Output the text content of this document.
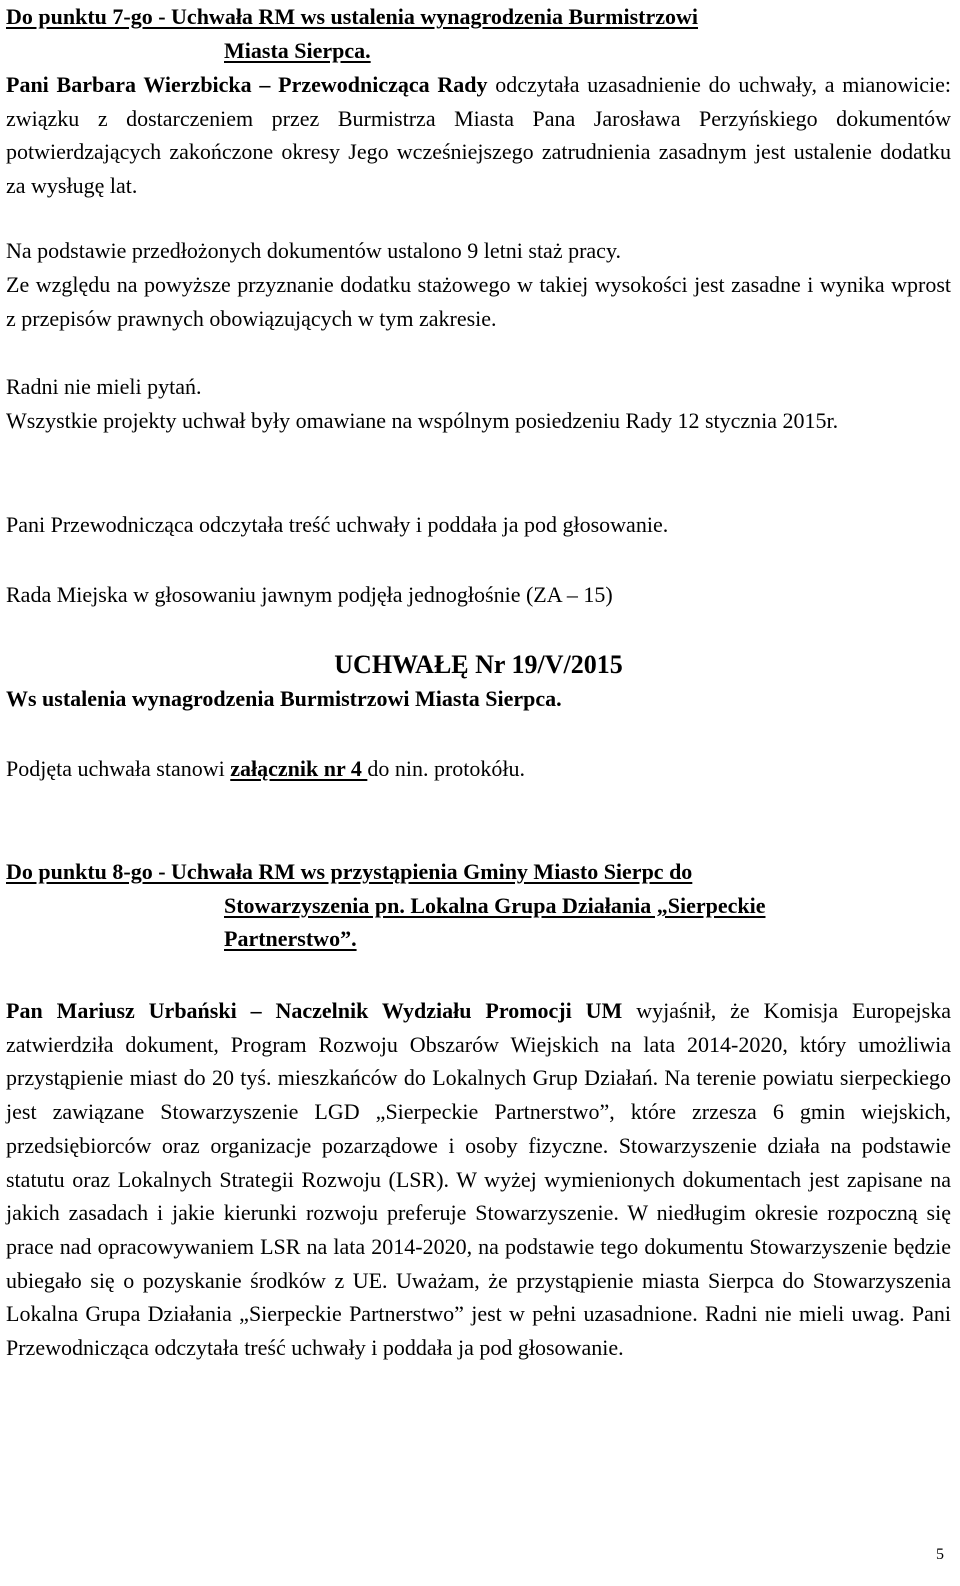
Do punktu 7-go - Uchwała RM ws ustalenia wynagrodzenia Burmistrzowi
Miasta Sierpca.
Pani Barbara Wierzbicka – Przewodnicząca Rady odczytała uzasadnienie do uchwały, a mianowicie: związku z dostarczeniem przez Burmistrza Miasta Pana Jarosława Perzyńskiego dokumentów potwierdzających zakończone okresy Jego wcześniejszego zatrudnienia zasadnym jest ustalenie dodatku za wysługę lat.
Na podstawie przedłożonych dokumentów ustalono 9 letni staż pracy.
Ze względu na powyższe przyznanie dodatku stażowego w takiej wysokości jest zasadne i wynika wprost z przepisów prawnych obowiązujących w tym zakresie.
Radni nie mieli pytań.
Wszystkie projekty uchwał były omawiane na wspólnym posiedzeniu Rady 12 stycznia 2015r.
Pani Przewodnicząca odczytała treść uchwały i poddała ja pod głosowanie.
Rada Miejska w głosowaniu jawnym podjęła jednogłośnie (ZA – 15)
UCHWAŁĘ Nr 19/V/2015
Ws ustalenia wynagrodzenia Burmistrzowi Miasta Sierpca.
Podjęta uchwała stanowi załącznik nr 4 do nin. protokółu.
Do punktu 8-go - Uchwała RM ws przystąpienia Gminy Miasto Sierpc do
Stowarzyszenia pn. Lokalna Grupa Działania „Sierpeckie
Partnerstwo”.
Pan Mariusz Urbański – Naczelnik Wydziału Promocji UM wyjaśnił, że Komisja Europejska zatwierdziła dokument, Program Rozwoju Obszarów Wiejskich na lata 2014-2020, który umożliwia przystąpienie miast do 20 tyś. mieszkańców do Lokalnych Grup Działań. Na terenie powiatu sierpeckiego jest zawiązane Stowarzyszenie LGD „Sierpeckie Partnerstwo”, które zrzesza 6 gmin wiejskich, przedsiębiorców oraz organizacje pozarządowe i osoby fizyczne. Stowarzyszenie działa na podstawie statutu oraz Lokalnych Strategii Rozwoju (LSR). W wyżej wymienionych dokumentach jest zapisane na jakich zasadach i jakie kierunki rozwoju preferuje Stowarzyszenie. W niedługim okresie rozpoczną się prace nad opracowywaniem LSR na lata 2014-2020, na podstawie tego dokumentu Stowarzyszenie będzie ubiegało się o pozyskanie środków z UE. Uważam, że przystąpienie miasta Sierpca do Stowarzyszenia Lokalna Grupa Działania „Sierpeckie Partnerstwo” jest w pełni uzasadnione. Radni nie mieli uwag. Pani Przewodnicząca odczytała treść uchwały i poddała ja pod głosowanie.
5
